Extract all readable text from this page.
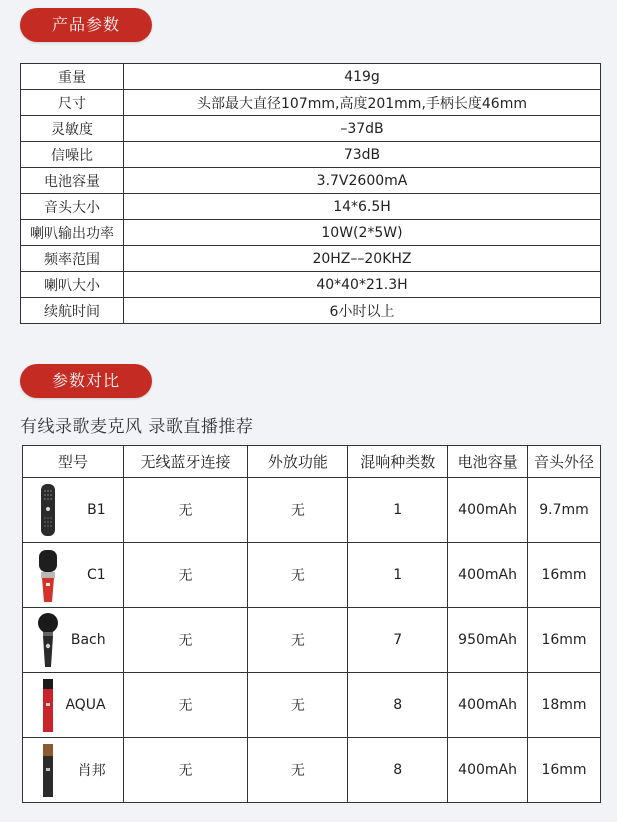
产品参数
重量	419g
尺寸	头部最大直径107mm,高度201mm,手柄长度46mm
灵敏度	–37dB
信噪比	73dB
电池容量	3.7V2600mA
音头大小	14*6.5H
喇叭输出功率	10W(2*5W)
频率范围	20HZ––20KHZ
喇叭大小	40*40*21.3H
续航时间	6小时以上
参数对比
有线录歌麦克风 录歌直播推荐
型号	无线蓝牙连接	外放功能	混响种类数	电池容量	音头外径

B1	无	无	1	400mAh	9.7mm

C1	无	无	1	400mAh	16mm

Bach	无	无	7	950mAh	16mm

AQUA	无	无	8	400mAh	18mm

肖邦	无	无	8	400mAh	16mm
